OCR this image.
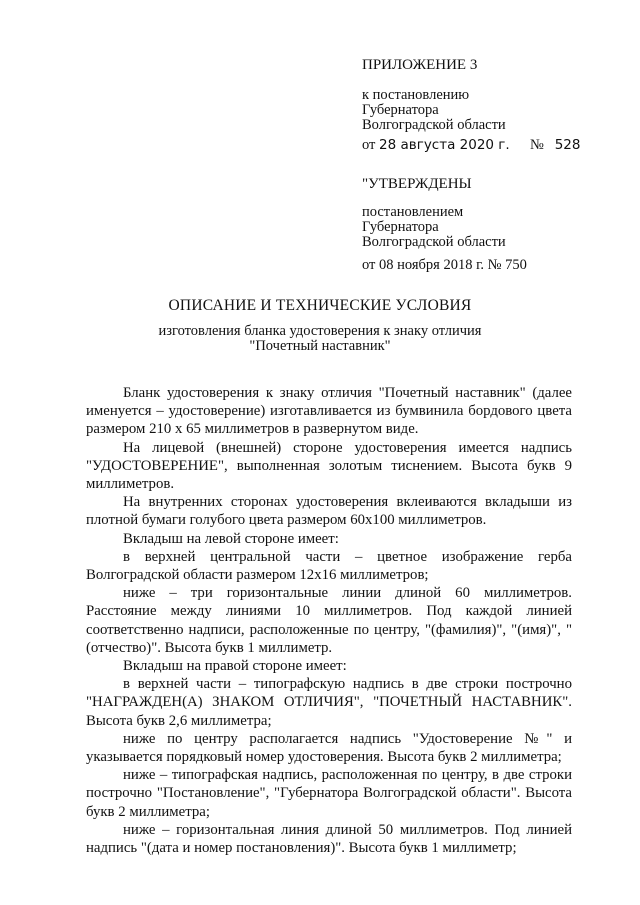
ПРИЛОЖЕНИЕ 3
к постановлению
Губернатора
Волгоградской области
от 28 августа 2020 г. № 528
"УТВЕРЖДЕНЫ
постановлением
Губернатора
Волгоградской области
от 08 ноября 2018 г. № 750
ОПИСАНИЕ И ТЕХНИЧЕСКИЕ УСЛОВИЯ
изготовления бланка удостоверения к знаку отличия
"Почетный наставник"

Бланк удостоверения к знаку отличия "Почетный наставник" (далее именуется – удостоверение) изготавливается из бумвинила бордового цвета размером 210 х 65 миллиметров в развернутом виде.

На лицевой (внешней) стороне удостоверения имеется надпись "УДОСТОВЕРЕНИЕ", выполненная золотым тиснением. Высота букв 9 миллиметров.

На внутренних сторонах удостоверения вклеиваются вкладыши из плотной бумаги голубого цвета размером 60х100 миллиметров.

Вкладыш на левой стороне имеет:

в верхней центральной части – цветное изображение герба Волгоградской области размером 12х16 миллиметров;

ниже – три горизонтальные линии длиной 60 миллиметров. Расстояние между линиями 10 миллиметров. Под каждой линией соответственно надписи, расположенные по центру, "(фамилия)", "(имя)", "(отчество)". Высота букв 1 миллиметр.

Вкладыш на правой стороне имеет:

в верхней части – типографскую надпись в две строки построчно "НАГРАЖДЕН(А) ЗНАКОМ ОТЛИЧИЯ", "ПОЧЕТНЫЙ НАСТАВНИК". Высота букв 2,6 миллиметра;

ниже по центру располагается надпись "Удостоверение №" и указывается порядковый номер удостоверения. Высота букв 2 миллиметра;

ниже – типографская надпись, расположенная по центру, в две строки построчно "Постановление", "Губернатора Волгоградской области". Высота букв 2 миллиметра;

ниже – горизонтальная линия длиной 50 миллиметров. Под линией надпись "(дата и номер постановления)". Высота букв 1 миллиметр;
